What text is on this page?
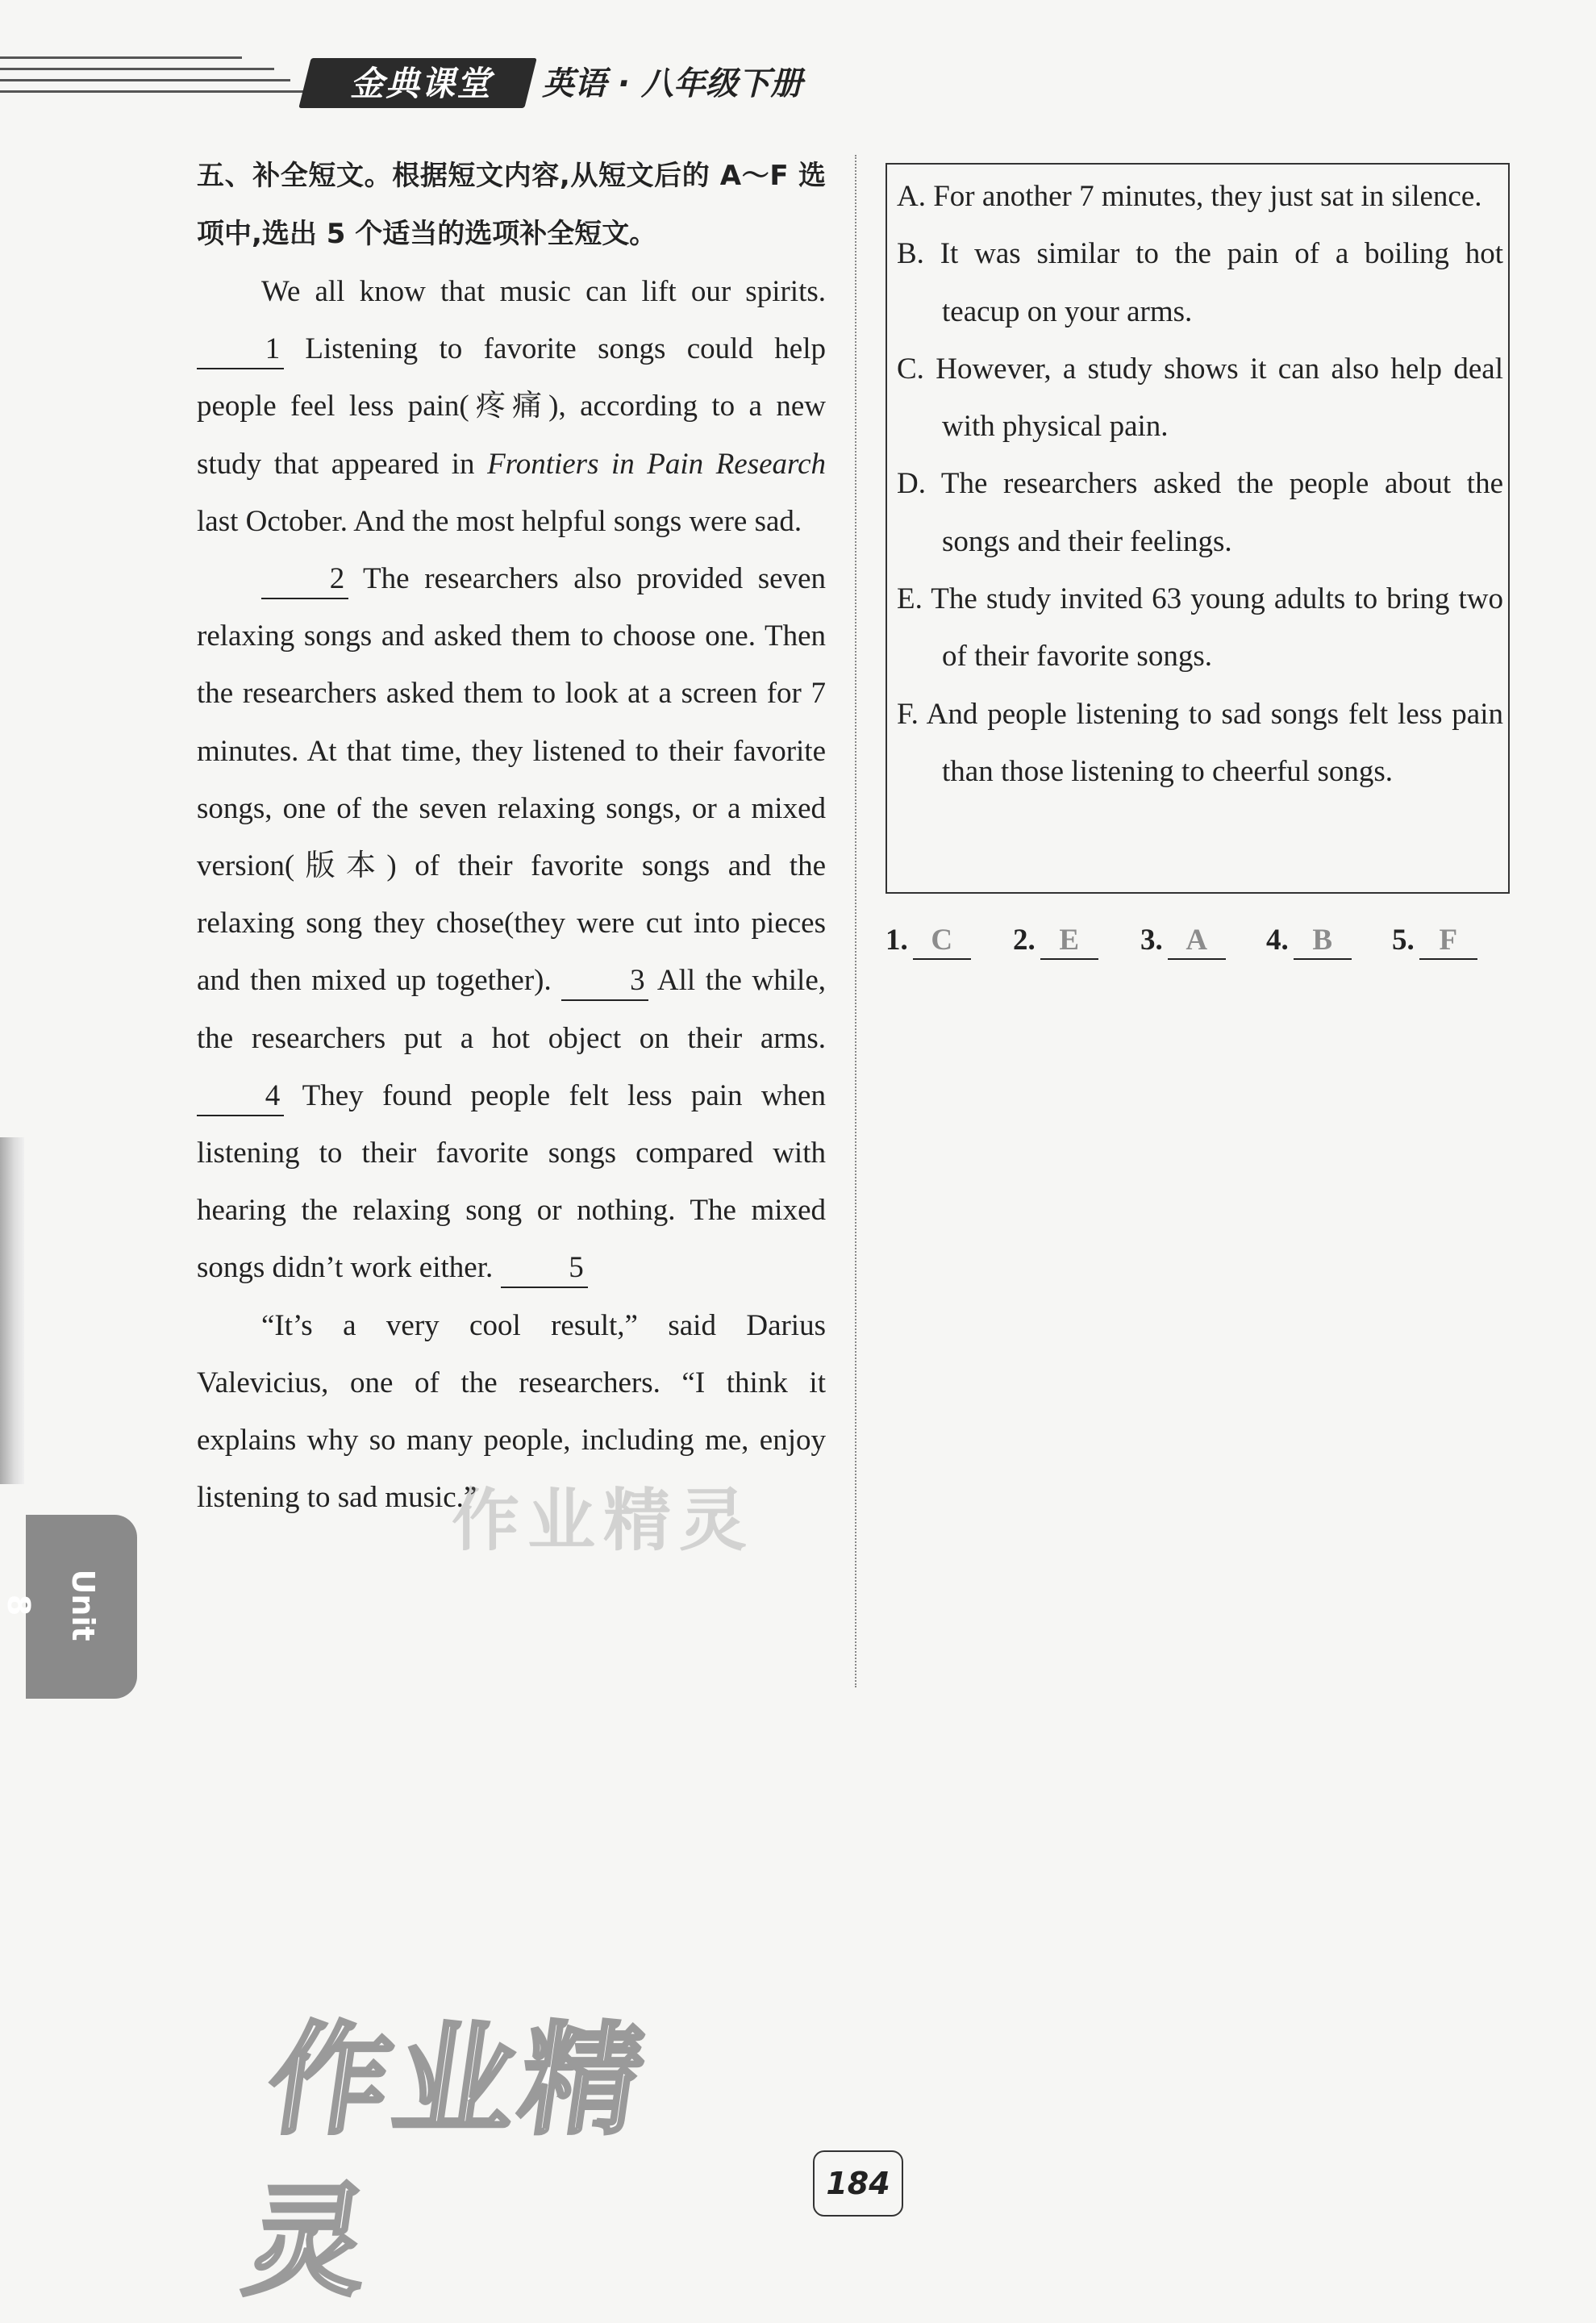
金典课堂	英语 · 八年级下册
Unit 8

五、补全短文。根据短文内容,从短文后的 A～F 选项中,选出 5 个适当的选项补全短文。

We all know that music can lift our spirits. 1 Listening to favorite songs could help people feel less pain(疼痛), according to a new study that appeared in Frontiers in Pain Research last October. And the most helpful songs were sad.

2 The researchers also provided seven relaxing songs and asked them to choose one. Then the researchers asked them to look at a screen for 7 minutes. At that time, they listened to their favorite songs, one of the seven relaxing songs, or a mixed version(版本) of their favorite songs and the relaxing song they chose(they were cut into pieces and then mixed up together).	3 All the while, the researchers put a hot object on their arms. 4 They found people felt less pain when listening to their favorite songs compared with hearing the relaxing song or nothing. The mixed songs didn’t work either.	5

“It’s a very cool result,” said Darius Valevicius, one of the researchers. “I think it explains why so many people, including me, enjoy listening to sad music.”

A. For another 7 minutes, they just sat in silence.

B. It was similar to the pain of a boiling hot teacup on your arms.

C. However, a study shows it can also help deal with physical pain.

D. The researchers asked the people about the songs and their feelings.

E. The study invited 63 young adults to bring two of their favorite songs.

F. And people listening to sad songs felt less pain than those listening to cheerful songs.

1. C	2. E	3. A	4. B	5. F
作业精灵
作业精灵	184
